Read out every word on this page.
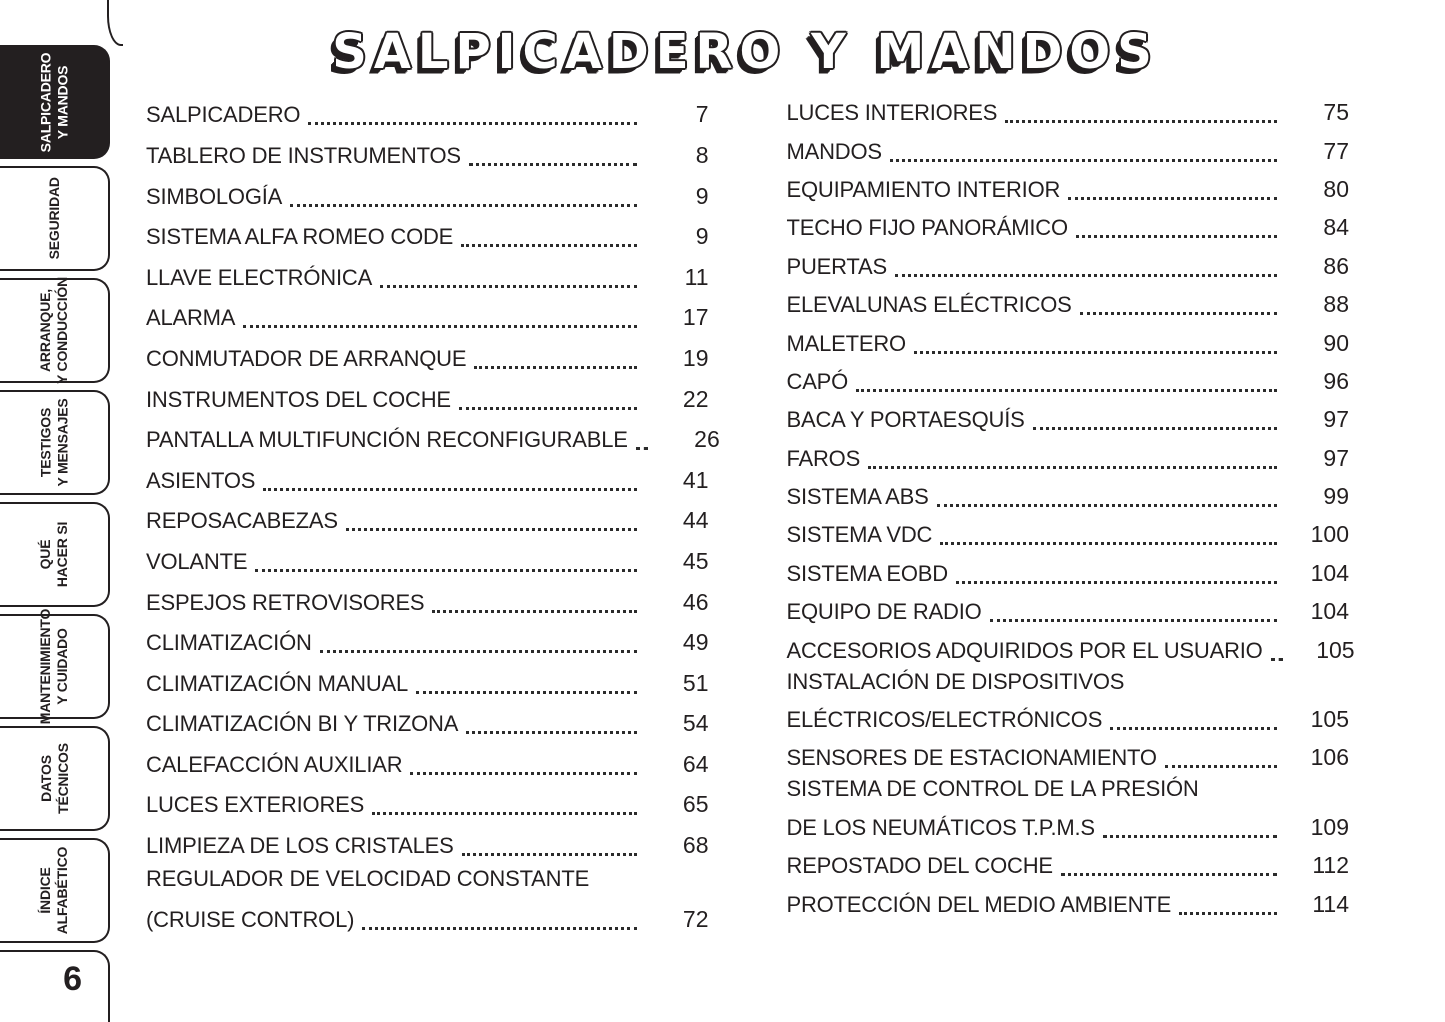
SALPICADERO Y MANDOS
SEGURIDAD
ARRANQUE, Y CONDUCCIÓN
TESTIGOS Y MENSAJES
QUÉ HACER SI
MANTENIMIENTO Y CUIDADO
DATOS TÉCNICOS
ÍNDICE ALFABÉTICO
6
SALPICADERO Y MANDOS
SALPICADERO	7
TABLERO DE INSTRUMENTOS	8
SIMBOLOGÍA	9
SISTEMA ALFA ROMEO CODE	9
LLAVE ELECTRÓNICA	11
ALARMA	17
CONMUTADOR DE ARRANQUE	19
INSTRUMENTOS DEL COCHE	22
PANTALLA MULTIFUNCIÓN RECONFIGURABLE	26
ASIENTOS	41
REPOSACABEZAS	44
VOLANTE	45
ESPEJOS RETROVISORES	46
CLIMATIZACIÓN	49
CLIMATIZACIÓN MANUAL	51
CLIMATIZACIÓN BI Y TRIZONA	54
CALEFACCIÓN AUXILIAR	64
LUCES EXTERIORES	65
LIMPIEZA DE LOS CRISTALES	68
REGULADOR DE VELOCIDAD CONSTANTE
(CRUISE CONTROL)	72
LUCES INTERIORES	75
MANDOS	77
EQUIPAMIENTO INTERIOR	80
TECHO FIJO PANORÁMICO	84
PUERTAS	86
ELEVALUNAS ELÉCTRICOS	88
MALETERO	90
CAPÓ	96
BACA Y PORTAESQUÍS	97
FAROS	97
SISTEMA ABS	99
SISTEMA VDC	100
SISTEMA EOBD	104
EQUIPO DE RADIO	104
ACCESORIOS ADQUIRIDOS POR EL USUARIO	105
INSTALACIÓN DE DISPOSITIVOS
ELÉCTRICOS/ELECTRÓNICOS	105
SENSORES DE ESTACIONAMIENTO	106
SISTEMA DE CONTROL DE LA PRESIÓN
DE LOS NEUMÁTICOS T.P.M.S	109
REPOSTADO DEL COCHE	112
PROTECCIÓN DEL MEDIO AMBIENTE	114
